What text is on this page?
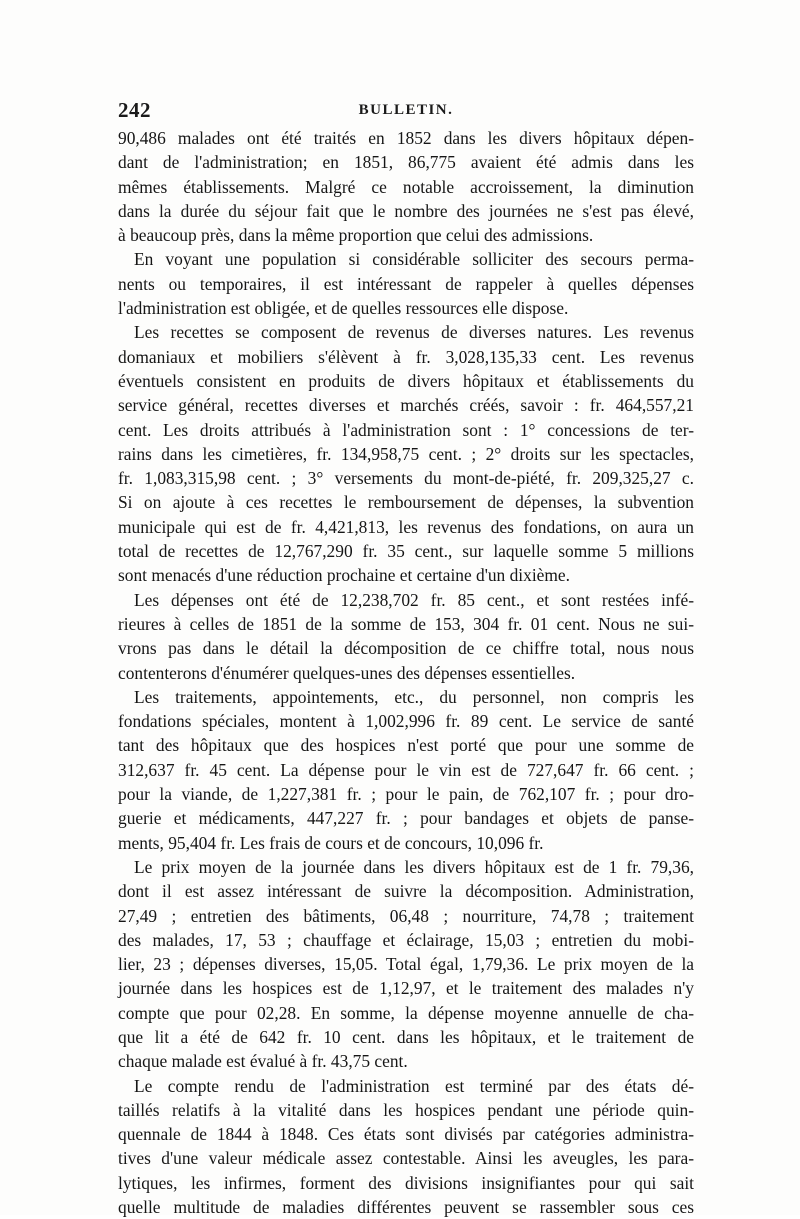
242	BULLETIN.

90,486 malades ont été traités en 1852 dans les divers hôpitaux dépen-
dant de l'administration; en 1851, 86,775 avaient été admis dans les
mêmes établissements. Malgré ce notable accroissement, la diminution
dans la durée du séjour fait que le nombre des journées ne s'est pas élevé,
à beaucoup près, dans la même proportion que celui des admissions.

En voyant une population si considérable solliciter des secours perma-
nents ou temporaires, il est intéressant de rappeler à quelles dépenses
l'administration est obligée, et de quelles ressources elle dispose.

Les recettes se composent de revenus de diverses natures. Les revenus
domaniaux et mobiliers s'élèvent à fr. 3,028,135,33 cent. Les revenus
éventuels consistent en produits de divers hôpitaux et établissements du
service général, recettes diverses et marchés créés, savoir : fr. 464,557,21
cent. Les droits attribués à l'administration sont : 1° concessions de ter-
rains dans les cimetières, fr. 134,958,75 cent. ; 2° droits sur les spectacles,
fr. 1,083,315,98 cent. ; 3° versements du mont-de-piété, fr. 209,325,27 c.
Si on ajoute à ces recettes le remboursement de dépenses, la subvention
municipale qui est de fr. 4,421,813, les revenus des fondations, on aura un
total de recettes de 12,767,290 fr. 35 cent., sur laquelle somme 5 millions
sont menacés d'une réduction prochaine et certaine d'un dixième.

Les dépenses ont été de 12,238,702 fr. 85 cent., et sont restées infé-
rieures à celles de 1851 de la somme de 153, 304 fr. 01 cent. Nous ne sui-
vrons pas dans le détail la décomposition de ce chiffre total, nous nous
contenterons d'énumérer quelques-unes des dépenses essentielles.

Les traitements, appointements, etc., du personnel, non compris les
fondations spéciales, montent à 1,002,996 fr. 89 cent. Le service de santé
tant des hôpitaux que des hospices n'est porté que pour une somme de
312,637 fr. 45 cent. La dépense pour le vin est de 727,647 fr. 66 cent. ;
pour la viande, de 1,227,381 fr. ; pour le pain, de 762,107 fr. ; pour dro-
guerie et médicaments, 447,227 fr. ; pour bandages et objets de panse-
ments, 95,404 fr. Les frais de cours et de concours, 10,096 fr.

Le prix moyen de la journée dans les divers hôpitaux est de 1 fr. 79,36,
dont il est assez intéressant de suivre la décomposition. Administration,
27,49 ; entretien des bâtiments, 06,48 ; nourriture, 74,78 ; traitement
des malades, 17, 53 ; chauffage et éclairage, 15,03 ; entretien du mobi-
lier, 23 ; dépenses diverses, 15,05. Total égal, 1,79,36. Le prix moyen de la
journée dans les hospices est de 1,12,97, et le traitement des malades n'y
compte que pour 02,28. En somme, la dépense moyenne annuelle de cha-
que lit a été de 642 fr. 10 cent. dans les hôpitaux, et le traitement de
chaque malade est évalué à fr. 43,75 cent.

Le compte rendu de l'administration est terminé par des états dé-
taillés relatifs à la vitalité dans les hospices pendant une période quin-
quennale de 1844 à 1848. Ces états sont divisés par catégories administra-
tives d'une valeur médicale assez contestable. Ainsi les aveugles, les para-
lytiques, les infirmes, forment des divisions insignifiantes pour qui sait
quelle multitude de maladies différentes peuvent se rassembler sous ces
